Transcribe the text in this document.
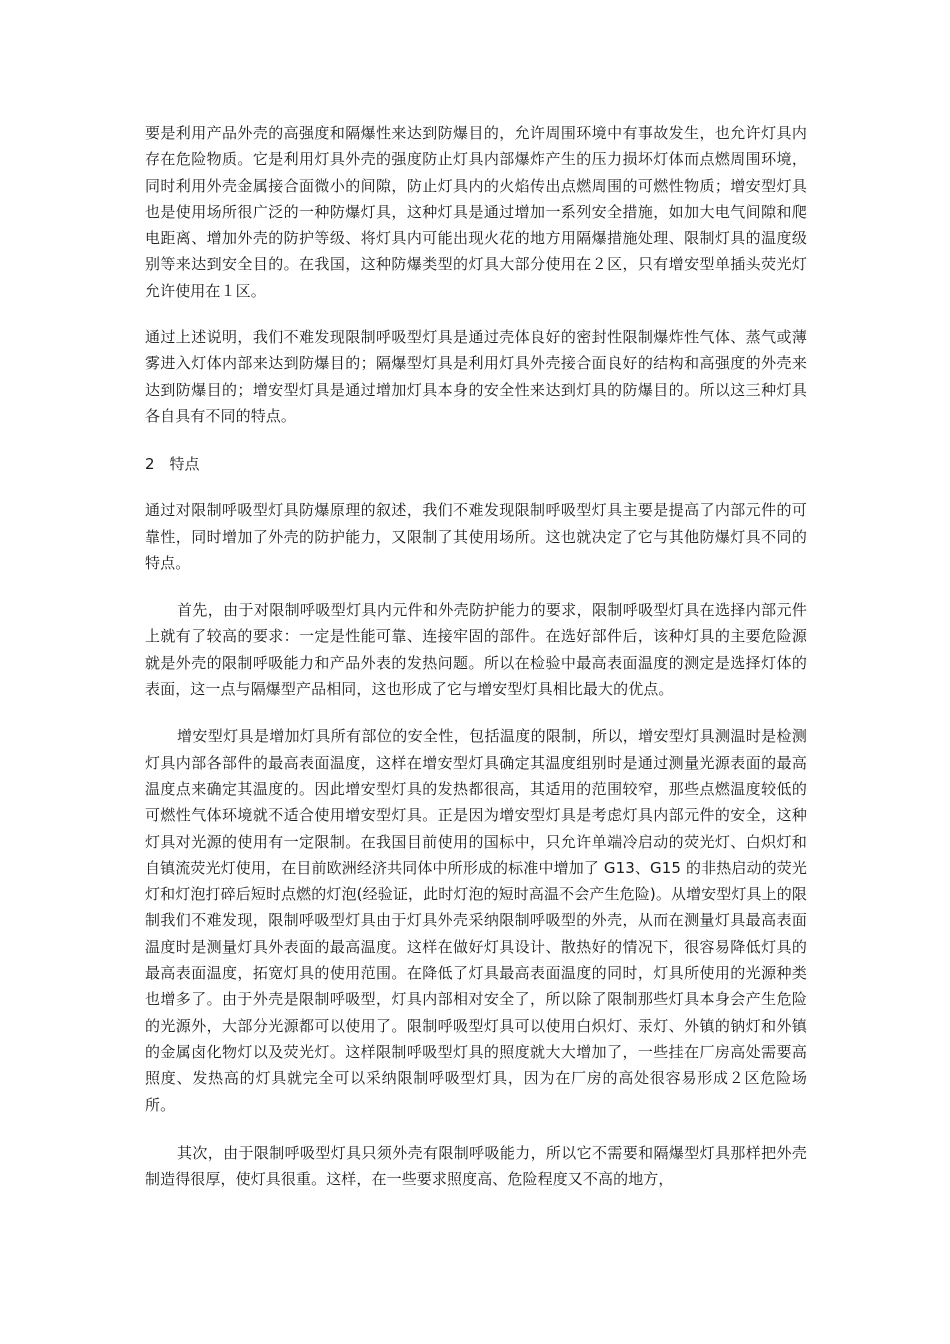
要是利用产品外壳的高强度和隔爆性来达到防爆目的，允许周围环境中有事故发生，也允许灯具内存在危险物质。它是利用灯具外壳的强度防止灯具内部爆炸产生的压力损坏灯体而点燃周围环境，同时利用外壳金属接合面微小的间隙，防止灯具内的火焰传出点燃周围的可燃性物质；增安型灯具也是使用场所很广泛的一种防爆灯具，这种灯具是通过增加一系列安全措施，如加大电气间隙和爬电距离、增加外壳的防护等级、将灯具内可能出现火花的地方用隔爆措施处理、限制灯具的温度级别等来达到安全目的。在我国，这种防爆类型的灯具大部分使用在２区，只有增安型单插头荧光灯允许使用在１区。

通过上述说明，我们不难发现限制呼吸型灯具是通过壳体良好的密封性限制爆炸性气体、蒸气或薄雾进入灯体内部来达到防爆目的；隔爆型灯具是利用灯具外壳接合面良好的结构和高强度的外壳来达到防爆目的；增安型灯具是通过增加灯具本身的安全性来达到灯具的防爆目的。所以这三种灯具各自具有不同的特点。

2　特点

通过对限制呼吸型灯具防爆原理的叙述，我们不难发现限制呼吸型灯具主要是提高了内部元件的可靠性，同时增加了外壳的防护能力，又限制了其使用场所。这也就决定了它与其他防爆灯具不同的特点。

首先，由于对限制呼吸型灯具内元件和外壳防护能力的要求，限制呼吸型灯具在选择内部元件上就有了较高的要求：一定是性能可靠、连接牢固的部件。在选好部件后，该种灯具的主要危险源就是外壳的限制呼吸能力和产品外表的发热问题。所以在检验中最高表面温度的测定是选择灯体的表面，这一点与隔爆型产品相同，这也形成了它与增安型灯具相比最大的优点。

增安型灯具是增加灯具所有部位的安全性，包括温度的限制，所以，增安型灯具测温时是检测灯具内部各部件的最高表面温度，这样在增安型灯具确定其温度组别时是通过测量光源表面的最高温度点来确定其温度的。因此增安型灯具的发热都很高，其适用的范围较窄，那些点燃温度较低的可燃性气体环境就不适合使用增安型灯具。正是因为增安型灯具是考虑灯具内部元件的安全，这种灯具对光源的使用有一定限制。在我国目前使用的国标中，只允许单端冷启动的荧光灯、白炽灯和自镇流荧光灯使用，在目前欧洲经济共同体中所形成的标准中增加了 G13、G15 的非热启动的荧光灯和灯泡打碎后短时点燃的灯泡(经验证，此时灯泡的短时高温不会产生危险)。从增安型灯具上的限制我们不难发现，限制呼吸型灯具由于灯具外壳采纳限制呼吸型的外壳，从而在测量灯具最高表面温度时是测量灯具外表面的最高温度。这样在做好灯具设计、散热好的情况下，很容易降低灯具的最高表面温度，拓宽灯具的使用范围。在降低了灯具最高表面温度的同时，灯具所使用的光源种类也增多了。由于外壳是限制呼吸型，灯具内部相对安全了，所以除了限制那些灯具本身会产生危险的光源外，大部分光源都可以使用了。限制呼吸型灯具可以使用白炽灯、汞灯、外镇的钠灯和外镇的金属卤化物灯以及荧光灯。这样限制呼吸型灯具的照度就大大增加了，一些挂在厂房高处需要高照度、发热高的灯具就完全可以采纳限制呼吸型灯具，因为在厂房的高处很容易形成２区危险场所。

其次，由于限制呼吸型灯具只须外壳有限制呼吸能力，所以它不需要和隔爆型灯具那样把外壳制造得很厚，使灯具很重。这样，在一些要求照度高、危险程度又不高的地方，
